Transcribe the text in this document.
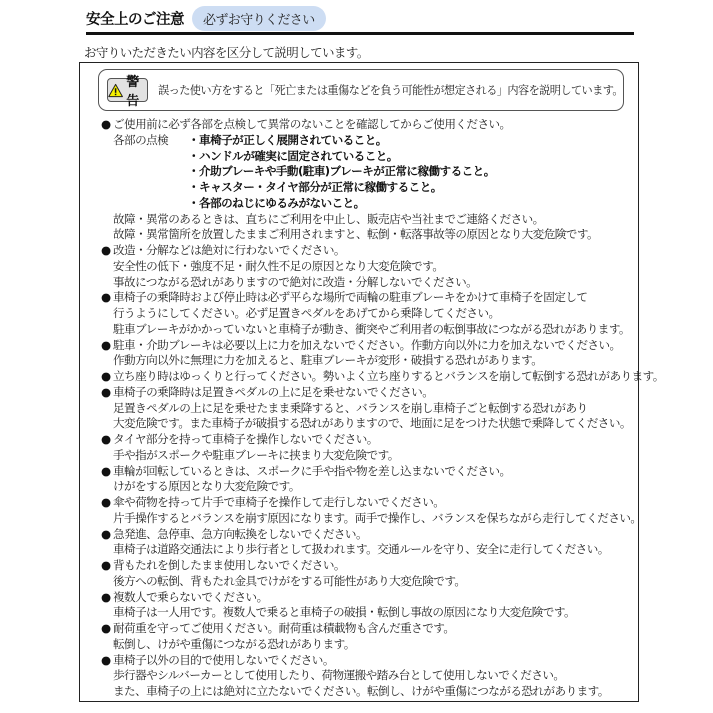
安全上のご注意	必ずお守りください
お守りいただきたい内容を区分して説明しています。
警告
誤った使い方をすると「死亡または重傷などを負う可能性が想定される」内容を説明しています。
● ご使用前に必ず各部を点検して異常のないことを確認してからご使用ください。
各部の点検	・車椅子が正しく展開されていること。
・ハンドルが確実に固定されていること。
・介助ブレーキや手動(駐車)ブレーキが正常に稼働すること。
・キャスター・タイヤ部分が正常に稼働すること。
・各部のねじにゆるみがないこと。
故障・異常のあるときは、直ちにご利用を中止し、販売店や当社までご連絡ください。
故障・異常箇所を放置したままご利用されますと、転倒・転落事故等の原因となり大変危険です。
● 改造・分解などは絶対に行わないでください。
安全性の低下・強度不足・耐久性不足の原因となり大変危険です。
事故につながる恐れがありますので絶対に改造・分解しないでください。
● 車椅子の乗降時および停止時は必ず平らな場所で両輪の駐車ブレーキをかけて車椅子を固定して
行うようにしてください。必ず足置きペダルをあげてから乗降してください。
駐車ブレーキがかかっていないと車椅子が動き、衝突やご利用者の転倒事故につながる恐れがあります。
● 駐車・介助ブレーキは必要以上に力を加えないでください。作動方向以外に力を加えないでください。
作動方向以外に無理に力を加えると、駐車ブレーキが変形・破損する恐れがあります。
● 立ち座り時はゆっくりと行ってください。勢いよく立ち座りするとバランスを崩して転倒する恐れがあります。
● 車椅子の乗降時は足置きペダルの上に足を乗せないでください。
足置きペダルの上に足を乗せたまま乗降すると、バランスを崩し車椅子ごと転倒する恐れがあり
大変危険です。また車椅子が破損する恐れがありますので、地面に足をつけた状態で乗降してください。
● タイヤ部分を持って車椅子を操作しないでください。
手や指がスポークや駐車ブレーキに挟まり大変危険です。
● 車輪が回転しているときは、スポークに手や指や物を差し込まないでください。
けがをする原因となり大変危険です。
● 傘や荷物を持って片手で車椅子を操作して走行しないでください。
片手操作するとバランスを崩す原因になります。両手で操作し、バランスを保ちながら走行してください。
● 急発進、急停車、急方向転換をしないでください。
車椅子は道路交通法により歩行者として扱われます。交通ルールを守り、安全に走行してください。
● 背もたれを倒したまま使用しないでください。
後方への転倒、背もたれ金具でけがをする可能性があり大変危険です。
● 複数人で乗らないでください。
車椅子は一人用です。複数人で乗ると車椅子の破損・転倒し事故の原因になり大変危険です。
● 耐荷重を守ってご使用ください。耐荷重は積載物も含んだ重さです。
転倒し、けがや重傷につながる恐れがあります。
● 車椅子以外の目的で使用しないでください。
歩行器やシルバーカーとして使用したり、荷物運搬や踏み台として使用しないでください。
また、車椅子の上には絶対に立たないでください。転倒し、けがや重傷につながる恐れがあります。
